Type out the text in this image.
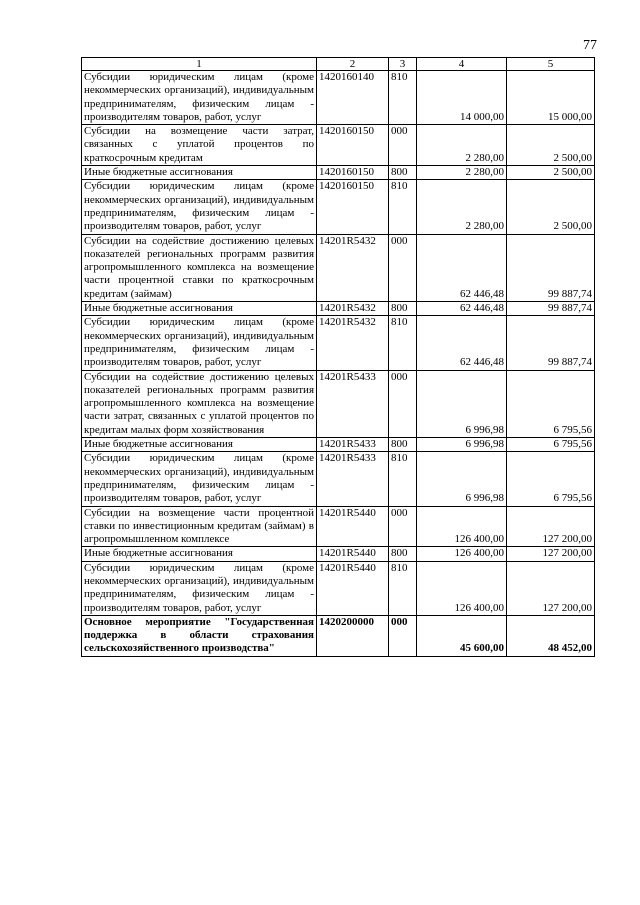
77
1	2	3	4	5
Субсидии юридическим лицам (кроме некоммерческих организаций), индивидуальным предпринимателям, физическим лицам - производителям товаров, работ, услуг	1420160140	810	14 000,00	15 000,00
Субсидии на возмещение части затрат, связанных с уплатой процентов по краткосрочным кредитам	1420160150	000	2 280,00	2 500,00
Иные бюджетные ассигнования	1420160150	800	2 280,00	2 500,00
Субсидии юридическим лицам (кроме некоммерческих организаций), индивидуальным предпринимателям, физическим лицам - производителям товаров, работ, услуг	1420160150	810	2 280,00	2 500,00
Субсидии на содействие достижению целевых показателей региональных программ развития агропромышленного комплекса на возмещение части процентной ставки по краткосрочным кредитам (займам)	14201R5432	000	62 446,48	99 887,74
Иные бюджетные ассигнования	14201R5432	800	62 446,48	99 887,74
Субсидии юридическим лицам (кроме некоммерческих организаций), индивидуальным предпринимателям, физическим лицам - производителям товаров, работ, услуг	14201R5432	810	62 446,48	99 887,74
Субсидии на содействие достижению целевых показателей региональных программ развития агропромышленного комплекса на возмещение части затрат, связанных с уплатой процентов по кредитам малых форм хозяйствования	14201R5433	000	6 996,98	6 795,56
Иные бюджетные ассигнования	14201R5433	800	6 996,98	6 795,56
Субсидии юридическим лицам (кроме некоммерческих организаций), индивидуальным предпринимателям, физическим лицам - производителям товаров, работ, услуг	14201R5433	810	6 996,98	6 795,56
Субсидии на возмещение части процентной ставки по инвестиционным кредитам (займам) в агропромышленном комплексе	14201R5440	000	126 400,00	127 200,00
Иные бюджетные ассигнования	14201R5440	800	126 400,00	127 200,00
Субсидии юридическим лицам (кроме некоммерческих организаций), индивидуальным предпринимателям, физическим лицам - производителям товаров, работ, услуг	14201R5440	810	126 400,00	127 200,00
Основное мероприятие "Государственная поддержка в области страхования сельскохозяйственного производства"	1420200000	000	45 600,00	48 452,00
